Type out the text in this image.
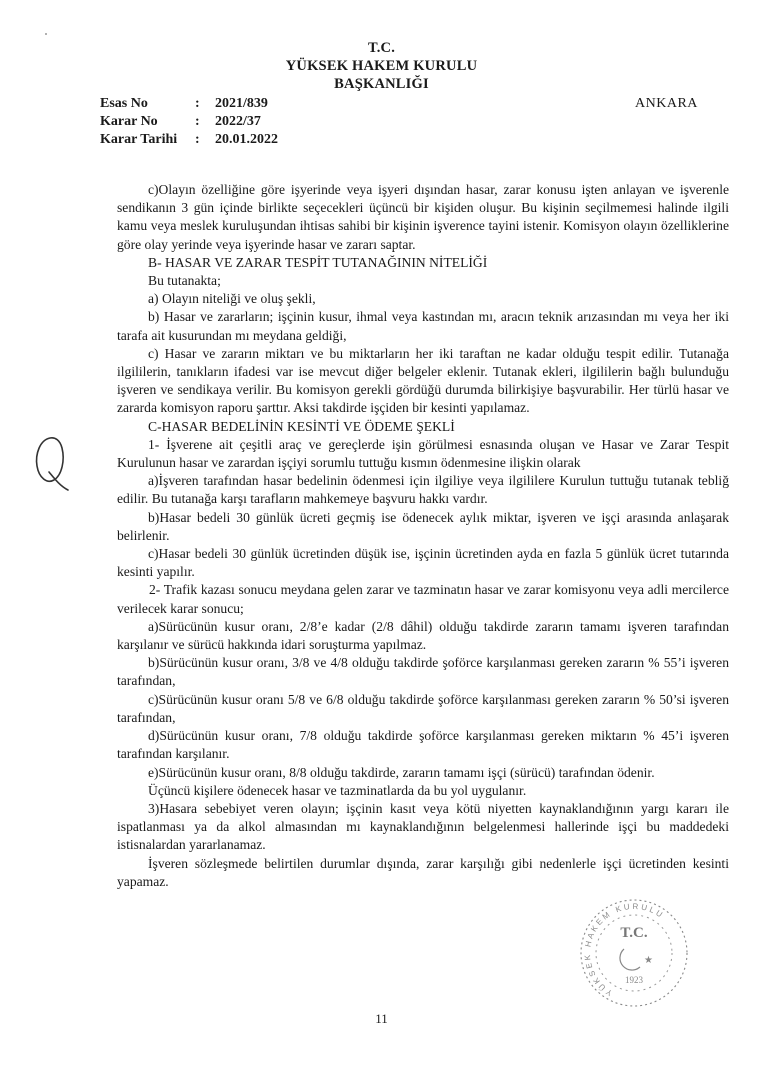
T.C.
YÜKSEK HAKEM KURULU
BAŞKANLIĞI
Esas No	:	2021/839
Karar No	:	2022/37
Karar Tarihi	:	20.01.2022
ANKARA

c)Olayın özelliğine göre işyerinde veya işyeri dışından hasar, zarar konusu işten anlayan ve işverenle sendikanın 3 gün içinde birlikte seçecekleri üçüncü bir kişiden oluşur. Bu kişinin seçilmemesi halinde ilgili kamu veya meslek kuruluşundan ihtisas sahibi bir kişinin işverence tayini istenir. Komisyon olayın özelliklerine göre olay yerinde veya işyerinde hasar ve zararı saptar.

B- HASAR VE ZARAR TESPİT TUTANAĞININ NİTELİĞİ

Bu tutanakta;

a) Olayın niteliği ve oluş şekli,

b) Hasar ve zararların; işçinin kusur, ihmal veya kastından mı, aracın teknik arızasından mı veya her iki tarafa ait kusurundan mı meydana geldiği,

c) Hasar ve zararın miktarı ve bu miktarların her iki taraftan ne kadar olduğu tespit edilir. Tutanağa ilgililerin, tanıkların ifadesi var ise mevcut diğer belgeler eklenir. Tutanak ekleri, ilgililerin bağlı bulunduğu işveren ve sendikaya verilir. Bu komisyon gerekli gördüğü durumda bilirkişiye başvurabilir. Her türlü hasar ve zararda komisyon raporu şarttır. Aksi takdirde işçiden bir kesinti yapılamaz.

C-HASAR BEDELİNİN KESİNTİ VE ÖDEME ŞEKLİ

1- İşverene ait çeşitli araç ve gereçlerde işin görülmesi esnasında oluşan ve Hasar ve Zarar Tespit Kurulunun hasar ve zarardan işçiyi sorumlu tuttuğu kısmın ödenmesine ilişkin olarak

a)İşveren tarafından hasar bedelinin ödenmesi için ilgiliye veya ilgililere Kurulun tuttuğu tutanak tebliğ edilir. Bu tutanağa karşı tarafların mahkemeye başvuru hakkı vardır.

b)Hasar bedeli 30 günlük ücreti geçmiş ise ödenecek aylık miktar, işveren ve işçi arasında anlaşarak belirlenir.

c)Hasar bedeli 30 günlük ücretinden düşük ise, işçinin ücretinden ayda en fazla 5 günlük ücret tutarında kesinti yapılır.

2- Trafik kazası sonucu meydana gelen zarar ve tazminatın hasar ve zarar komisyonu veya adli mercilerce verilecek karar sonucu;

a)Sürücünün kusur oranı, 2/8’e kadar (2/8 dâhil) olduğu takdirde zararın tamamı işveren tarafından karşılanır ve sürücü hakkında idari soruşturma yapılmaz.

b)Sürücünün kusur oranı, 3/8 ve 4/8 olduğu takdirde şoförce karşılanması gereken zararın % 55’i işveren tarafından,

c)Sürücünün kusur oranı 5/8 ve 6/8 olduğu takdirde şoförce karşılanması gereken zararın % 50’si işveren tarafından,

d)Sürücünün kusur oranı, 7/8 olduğu takdirde şoförce karşılanması gereken miktarın % 45’i işveren tarafından karşılanır.

e)Sürücünün kusur oranı, 8/8 olduğu takdirde, zararın tamamı işçi (sürücü) tarafından ödenir.

Üçüncü kişilere ödenecek hasar ve tazminatlarda da bu yol uygulanır.

3)Hasara sebebiyet veren olayın; işçinin kasıt veya kötü niyetten kaynaklandığının yargı kararı ile ispatlanması ya da alkol almasından mı kaynaklandığının belgelenmesi hallerinde işçi bu maddedeki istisnalardan yararlanamaz.

İşveren sözleşmede belirtilen durumlar dışında, zarar karşılığı gibi nedenlerle işçi ücretinden kesinti yapamaz.

T.C.
★
1923
YÜKSEK HAKEM KURULU
11
